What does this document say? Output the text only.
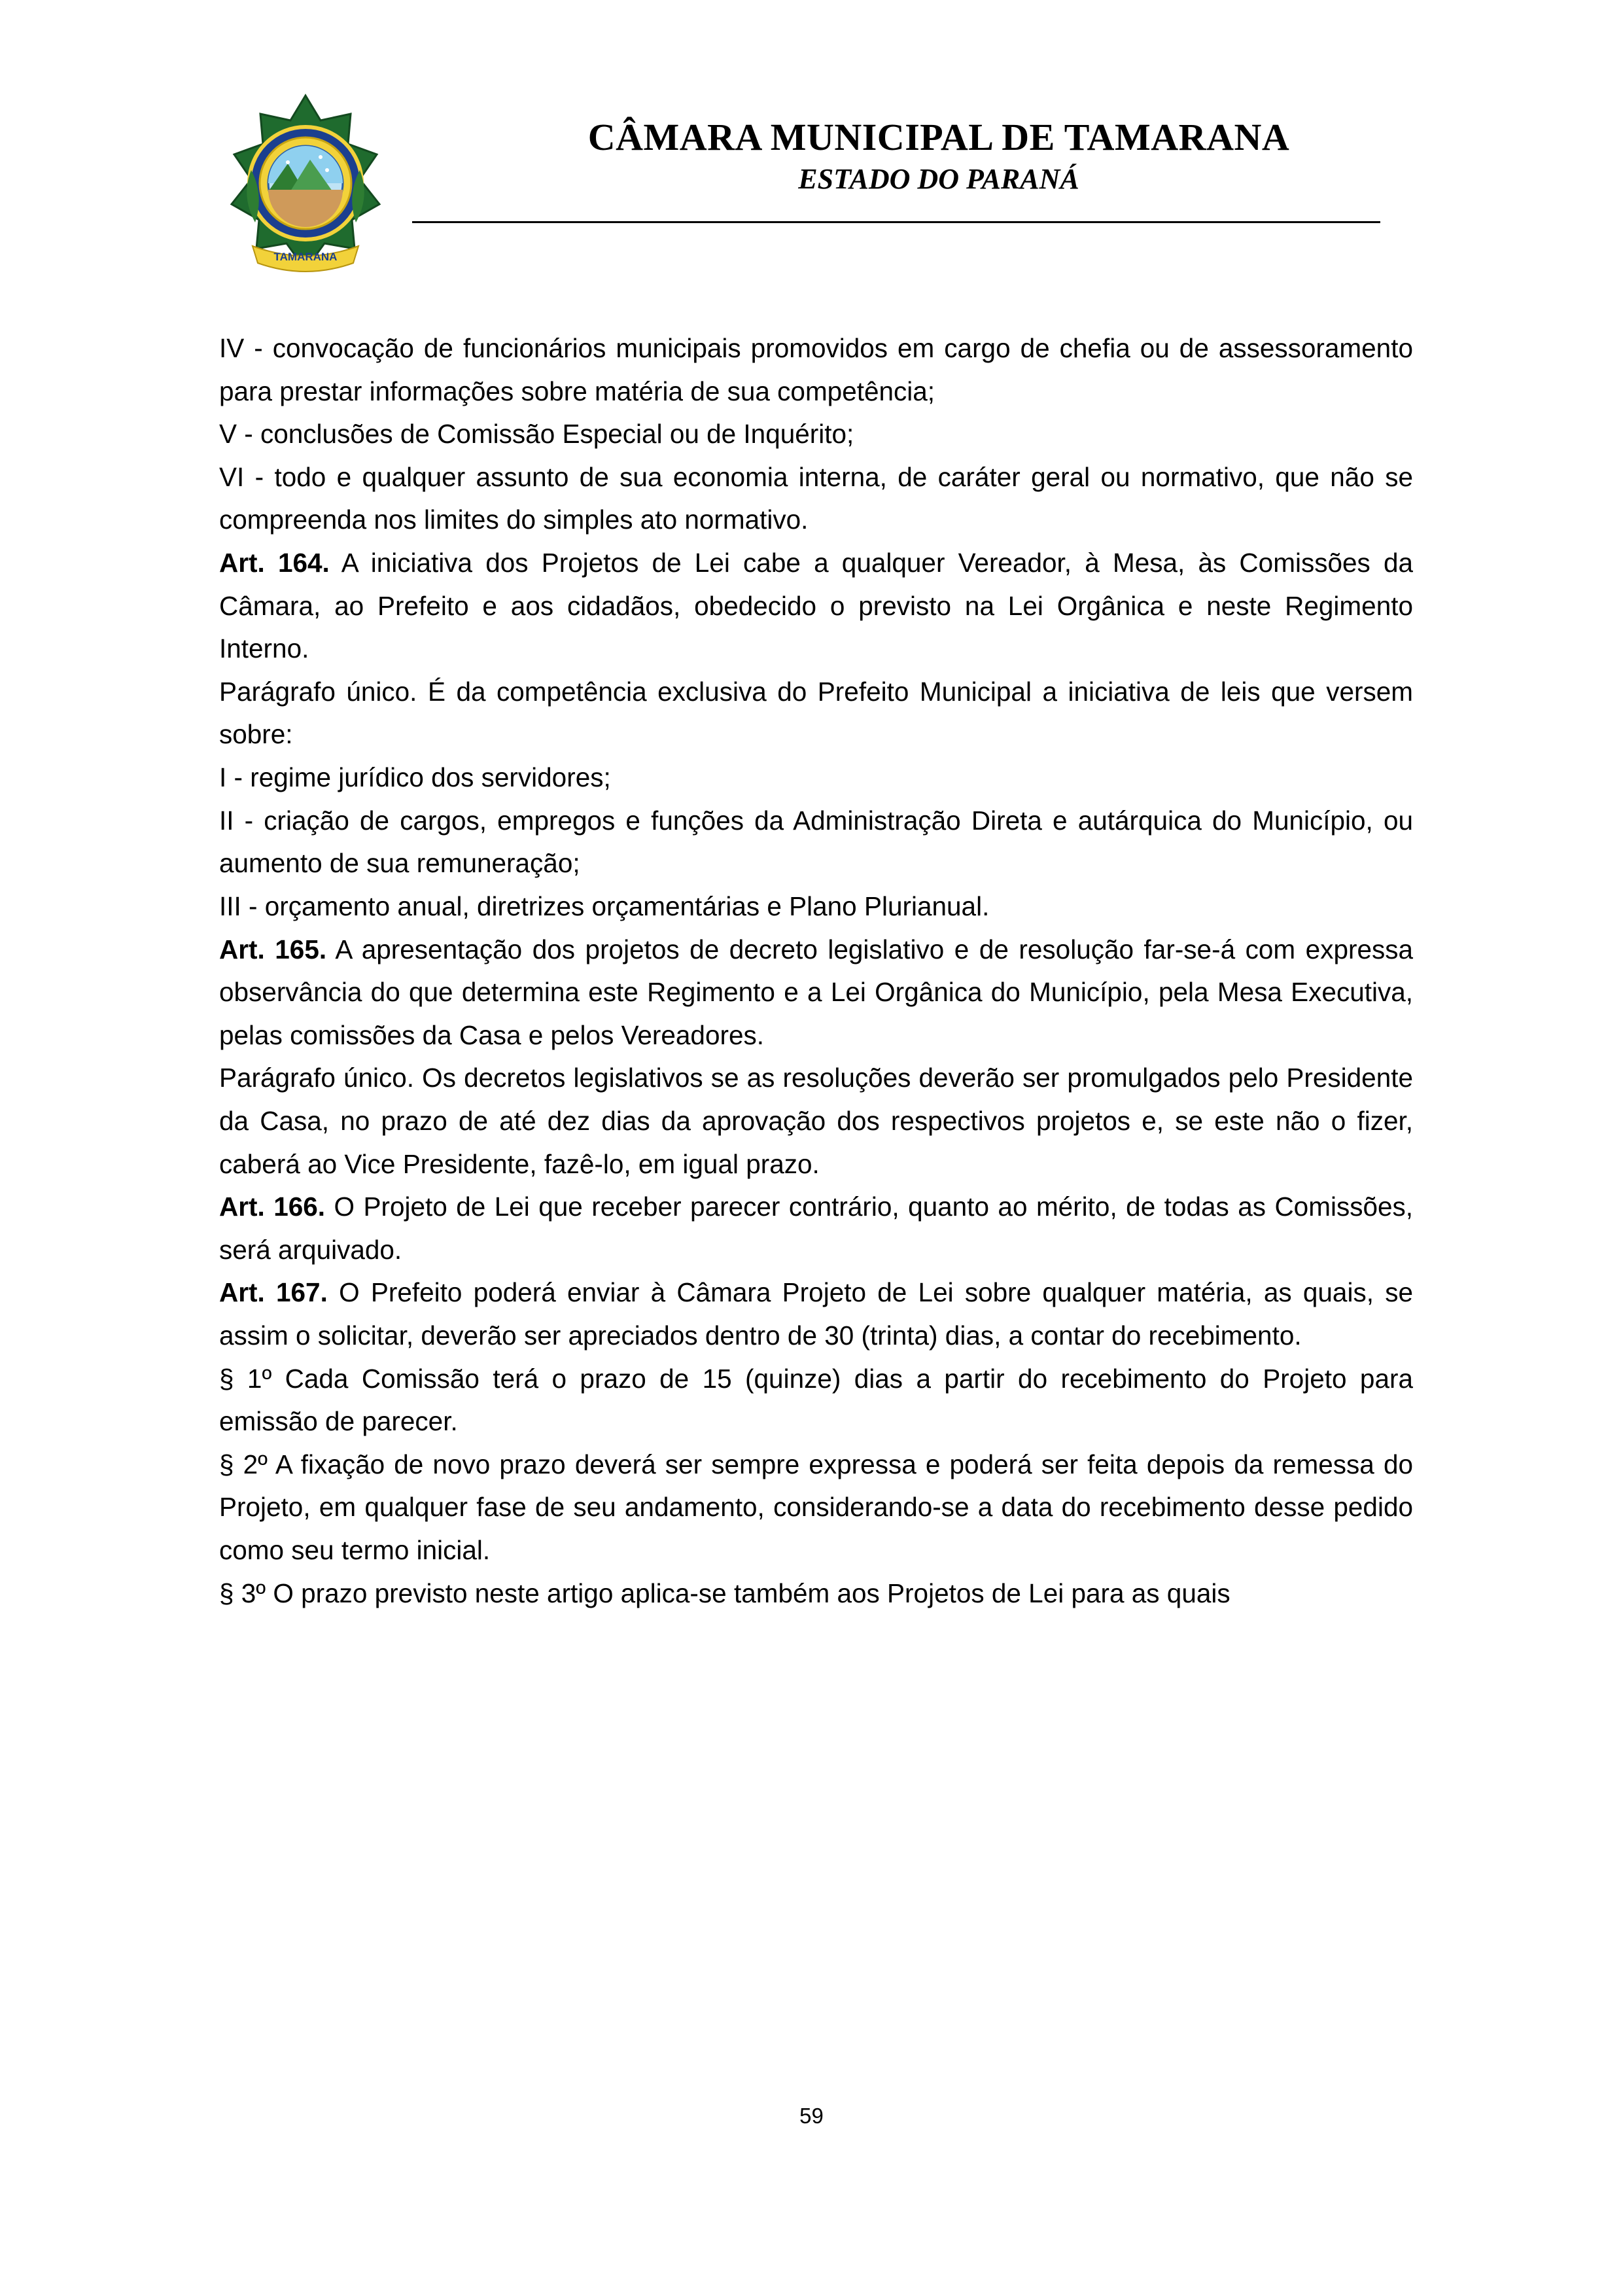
TAMARANA
CÂMARA MUNICIPAL DE TAMARANA
ESTADO DO PARANÁ

IV - convocação de funcionários municipais promovidos em cargo de chefia ou de assessoramento para prestar informações sobre matéria de sua competência;

V - conclusões de Comissão Especial ou de Inquérito;

VI - todo e qualquer assunto de sua economia interna, de caráter geral ou normativo, que não se compreenda nos limites do simples ato normativo.

Art. 164. A iniciativa dos Projetos de Lei cabe a qualquer Vereador, à Mesa, às Comissões da Câmara, ao Prefeito e aos cidadãos, obedecido o previsto na Lei Orgânica e neste Regimento Interno.

Parágrafo único. É da competência exclusiva do Prefeito Municipal a iniciativa de leis que versem sobre:

I - regime jurídico dos servidores;

II - criação de cargos, empregos e funções da Administração Direta e autárquica do Município, ou aumento de sua remuneração;

III - orçamento anual, diretrizes orçamentárias e Plano Plurianual.

Art. 165. A apresentação dos projetos de decreto legislativo e de resolução far-se-á com expressa observância do que determina este Regimento e a Lei Orgânica do Município, pela Mesa Executiva, pelas comissões da Casa e pelos Vereadores.

Parágrafo único. Os decretos legislativos se as resoluções deverão ser promulgados pelo Presidente da Casa, no prazo de até dez dias da aprovação dos respectivos projetos e, se este não o fizer, caberá ao Vice Presidente, fazê-lo, em igual prazo.

Art. 166. O Projeto de Lei que receber parecer contrário, quanto ao mérito, de todas as Comissões, será arquivado.

Art. 167. O Prefeito poderá enviar à Câmara Projeto de Lei sobre qualquer matéria, as quais, se assim o solicitar, deverão ser apreciados dentro de 30 (trinta) dias, a contar do recebimento.

§ 1º Cada Comissão terá o prazo de 15 (quinze) dias a partir do recebimento do Projeto para emissão de parecer.

§ 2º A fixação de novo prazo deverá ser sempre expressa e poderá ser feita depois da remessa do Projeto, em qualquer fase de seu andamento, considerando-se a data do recebimento desse pedido como seu termo inicial.

§ 3º O prazo previsto neste artigo aplica-se também aos Projetos de Lei para as quais

59
